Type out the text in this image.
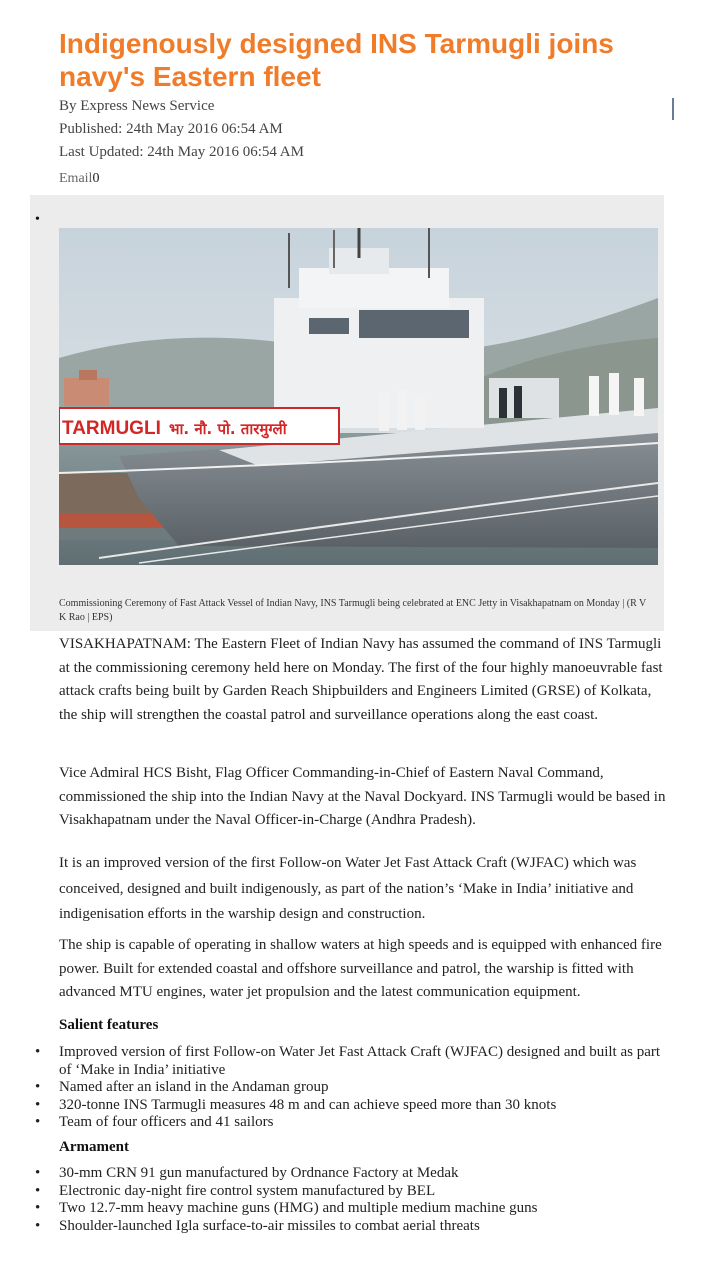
Indigenously designed INS Tarmugli joins navy's Eastern fleet
By Express News Service
Published: 24th May 2016 06:54 AM
Last Updated: 24th May 2016 06:54 AM
Email0
•
TARMUGLI भा. नौ. पो. तारमुग्ली
Commissioning Ceremony of Fast Attack Vessel of Indian Navy, INS Tarmugli being celebrated at ENC Jetty in Visakhapatnam on Monday | (R V K Rao | EPS)

VISAKHAPATNAM: The Eastern Fleet of Indian Navy has assumed the command of INS Tarmugli at the commissioning ceremony held here on Monday. The first of the four highly manoeuvrable fast attack crafts being built by Garden Reach Shipbuilders and Engineers Limited (GRSE) of Kolkata, the ship will strengthen the coastal patrol and surveillance operations along the east coast.

Vice Admiral HCS Bisht, Flag Officer Commanding-in-Chief of Eastern Naval Command, commissioned the ship into the Indian Navy at the Naval Dockyard. INS Tarmugli would be based in Visakhapatnam under the Naval Officer-in-Charge (Andhra Pradesh).

It is an improved version of the first Follow-on Water Jet Fast Attack Craft (WJFAC) which was conceived, designed and built indigenously, as part of the nation’s ‘Make in India’ initiative and indigenisation efforts in the warship design and construction.

The ship is capable of operating in shallow waters at high speeds and is equipped with enhanced fire power. Built for extended coastal and offshore surveillance and patrol, the warship is fitted with advanced MTU engines, water jet propulsion and the latest communication equipment.

Salient features
• Improved version of first Follow-on Water Jet Fast Attack Craft (WJFAC) designed and built as part of ‘Make in India’ initiative
• Named after an island in the Andaman group
• 320-tonne INS Tarmugli measures 48 m and can achieve speed more than 30 knots
• Team of four officers and 41 sailors
Armament
• 30-mm CRN 91 gun manufactured by Ordnance Factory at Medak
• Electronic day-night fire control system manufactured by BEL
• Two 12.7-mm heavy machine guns (HMG) and multiple medium machine guns
• Shoulder-launched Igla surface-to-air missiles to combat aerial threats
